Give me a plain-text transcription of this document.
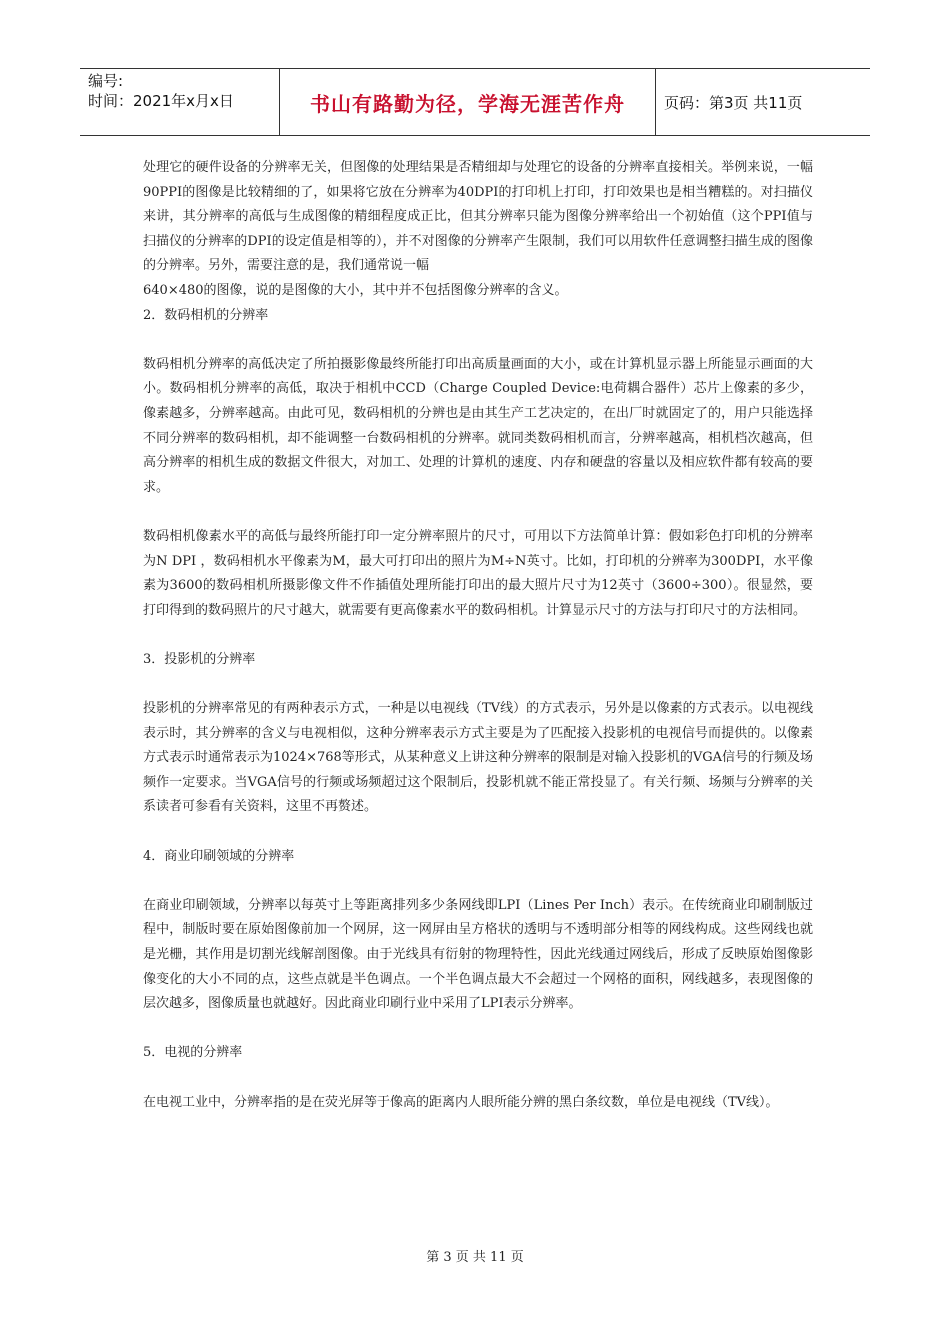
编号:
时间：2021年x月x日	书山有路勤为径，学海无涯苦作舟	页码：第3页 共11页

处理它的硬件设备的分辨率无关，但图像的处理结果是否精细却与处理它的设备的分辨率直接相关。举例来说，一幅90PPI的图像是比较精细的了，如果将它放在分辨率为40DPI的打印机上打印，打印效果也是相当糟糕的。对扫描仪来讲，其分辨率的高低与生成图像的精细程度成正比，但其分辨率只能为图像分辨率给出一个初始值（这个PPI值与扫描仪的分辨率的DPI的设定值是相等的），并不对图像的分辨率产生限制，我们可以用软件任意调整扫描生成的图像的分辨率。另外，需要注意的是，我们通常说一幅

640×480的图像，说的是图像的大小，其中并不包括图像分辨率的含义。

2．数码相机的分辨率

数码相机分辨率的高低决定了所拍摄影像最终所能打印出高质量画面的大小，或在计算机显示器上所能显示画面的大小。数码相机分辨率的高低，取决于相机中CCD（Charge Coupled Device:电荷耦合器件）芯片上像素的多少，像素越多，分辨率越高。由此可见，数码相机的分辨也是由其生产工艺决定的，在出厂时就固定了的，用户只能选择不同分辨率的数码相机，却不能调整一台数码相机的分辨率。就同类数码相机而言，分辨率越高，相机档次越高，但高分辨率的相机生成的数据文件很大，对加工、处理的计算机的速度、内存和硬盘的容量以及相应软件都有较高的要求。

数码相机像素水平的高低与最终所能打印一定分辨率照片的尺寸，可用以下方法简单计算：假如彩色打印机的分辨率为N DPI ，数码相机水平像素为M，最大可打印出的照片为M÷N英寸。比如，打印机的分辨率为300DPI，水平像素为3600的数码相机所摄影像文件不作插值处理所能打印出的最大照片尺寸为12英寸（3600÷300）。很显然，要打印得到的数码照片的尺寸越大，就需要有更高像素水平的数码相机。计算显示尺寸的方法与打印尺寸的方法相同。

3．投影机的分辨率

投影机的分辨率常见的有两种表示方式，一种是以电视线（TV线）的方式表示，另外是以像素的方式表示。以电视线表示时，其分辨率的含义与电视相似，这种分辨率表示方式主要是为了匹配接入投影机的电视信号而提供的。以像素方式表示时通常表示为1024×768等形式，从某种意义上讲这种分辨率的限制是对输入投影机的VGA信号的行频及场频作一定要求。当VGA信号的行频或场频超过这个限制后，投影机就不能正常投显了。有关行频、场频与分辨率的关系读者可参看有关资料，这里不再赘述。

4．商业印刷领域的分辨率

在商业印刷领域，分辨率以每英寸上等距离排列多少条网线即LPI（Lines Per Inch）表示。在传统商业印刷制版过程中，制版时要在原始图像前加一个网屏，这一网屏由呈方格状的透明与不透明部分相等的网线构成。这些网线也就是光栅，其作用是切割光线解剖图像。由于光线具有衍射的物理特性，因此光线通过网线后，形成了反映原始图像影像变化的大小不同的点，这些点就是半色调点。一个半色调点最大不会超过一个网格的面积，网线越多，表现图像的层次越多，图像质量也就越好。因此商业印刷行业中采用了LPI表示分辨率。

5．电视的分辨率

在电视工业中，分辨率指的是在荧光屏等于像高的距离内人眼所能分辨的黑白条纹数，单位是电视线（TV线）。

第 3 页 共 11 页
